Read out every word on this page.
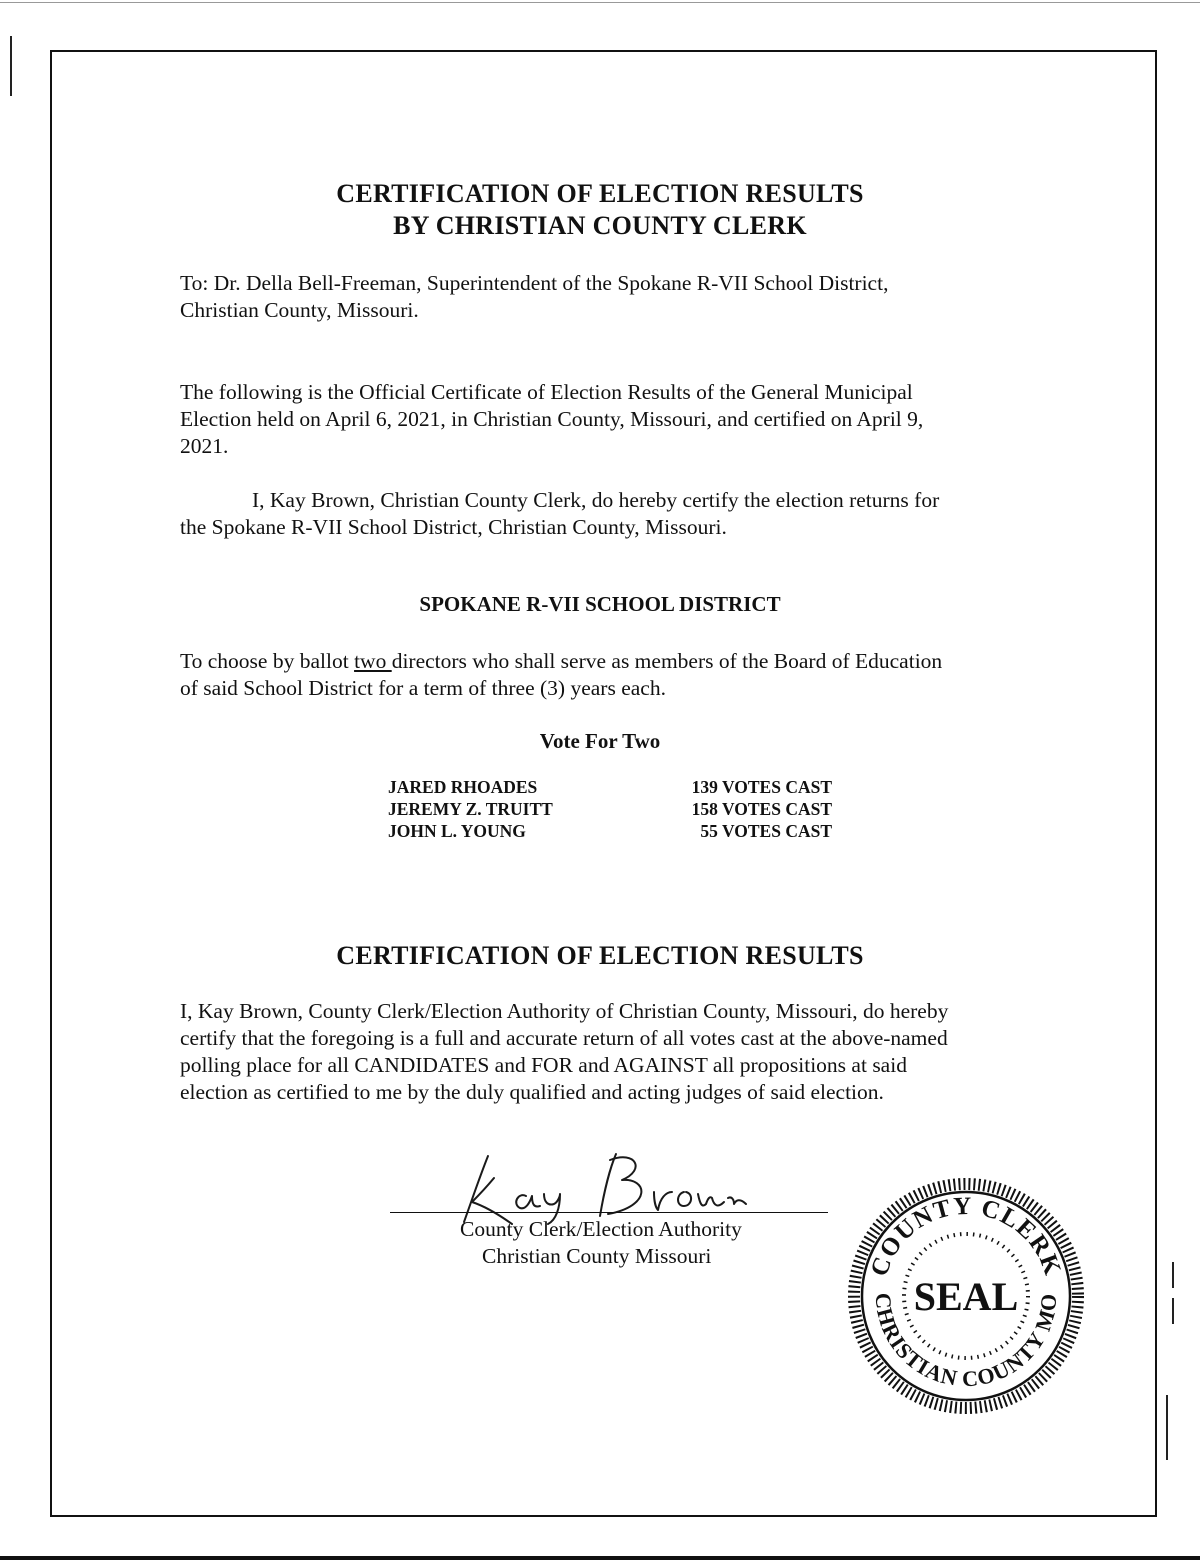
CERTIFICATION OF ELECTION RESULTS
BY CHRISTIAN COUNTY CLERK
To: Dr. Della Bell-Freeman, Superintendent of the Spokane R-VII School District,
Christian County, Missouri.
The following is the Official Certificate of Election Results of the General Municipal
Election held on April 6, 2021, in Christian County, Missouri, and certified on April 9,
2021.
I, Kay Brown, Christian County Clerk, do hereby certify the election returns for
the Spokane R-VII School District, Christian County, Missouri.
SPOKANE R-VII SCHOOL DISTRICT
To choose by ballot two directors who shall serve as members of the Board of Education
of said School District for a term of three (3) years each.
Vote For Two
JARED RHOADES	139 VOTES CAST
JEREMY Z. TRUITT	158 VOTES CAST
JOHN L. YOUNG	55 VOTES CAST
CERTIFICATION OF ELECTION RESULTS
I, Kay Brown, County Clerk/Election Authority of Christian County, Missouri, do hereby
certify that the foregoing is a full and accurate return of all votes cast at the above-named
polling place for all CANDIDATES and FOR and AGAINST all propositions at said
election as certified to me by the duly qualified and acting judges of said election.
County Clerk/Election Authority
Christian County Missouri	COUNTY CLERK
CHRISTIAN COUNTY MO
SEAL
